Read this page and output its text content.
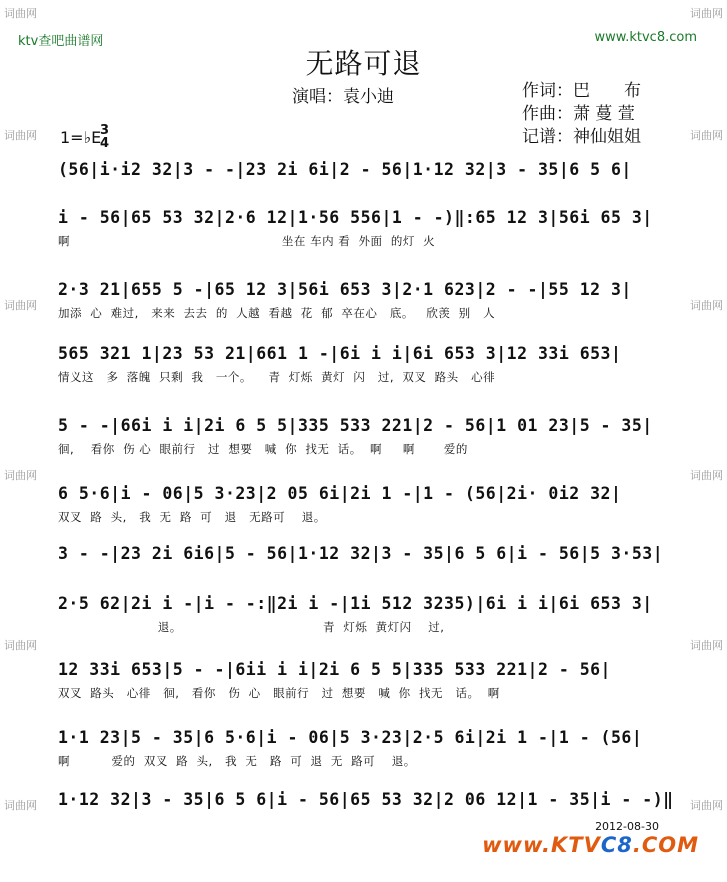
词曲网
词曲网
词曲网
词曲网
词曲网
词曲网
词曲网
词曲网
词曲网
词曲网
词曲网
词曲网
ktv查吧曲谱网	www.ktvc8.com
无路可退
演唱：袁小迪	作词：巴　　布
作曲：萧 蔓 萱
记谱：神仙姐姐
1=♭E
3
4
(56|i·i2 32|3 - -|23 2i 6i|2 - 56|1·12 32|3 - 35|6 5 6|
i - 56|65 53 32|2·6 12|1·56 556|1 - -)‖:65 12 3|56i 65 3|
啊                                                   坐在 车内 看  外面  的灯  火
2·3 21|655 5 -|65 12 3|56i 653 3|2·1 623|2 - -|55 12 3|
加添  心  难过,   来来  去去  的  人越  看越  花  郁  卒在心   底。   欣羡  别   人
565 321 1|23 53 21|661 1 -|6i i i|6i 653 3|12 33i 653|
情义这   多  落魄  只剩  我   一个。    青  灯烁  黄灯  闪   过,  双叉  路头   心徘
5 - -|66i i i|2i 6 5 5|335 533 221|2 - 56|1 01 23|5 - 35|
徊,    看你  伤 心  眼前行   过  想要   喊  你  找无  话。  啊     啊       爱的
6 5·6|i - 06|5 3·23|2 05 6i|2i 1 -|1 - (56|2i· 0i2 32|
双叉  路  头,   我  无  路  可   退   无路可    退。
3 - -|23 2i 6i6|5 - 56|1·12 32|3 - 35|6 5 6|i - 56|5 3·53|
2·5 62|2i i -|i - -:‖2i i -|1i 512 3235)|6i i i|6i 653 3|
退。                                  青  灯烁  黄灯闪    过,
12 33i 653|5 - -|6ii i i|2i 6 5 5|335 533 221|2 - 56|
双叉  路头   心徘   徊,   看你   伤  心   眼前行   过  想要   喊  你  找无   话。  啊
1·1 23|5 - 35|6 5·6|i - 06|5 3·23|2·5 6i|2i 1 -|1 - (56|
啊          爱的  双叉  路  头,   我  无   路  可  退  无  路可    退。
1·12 32|3 - 35|6 5 6|i - 56|65 53 32|2 06 12|1 - 35|i - -)‖
2012-08-30
www.KTVC8.COM
